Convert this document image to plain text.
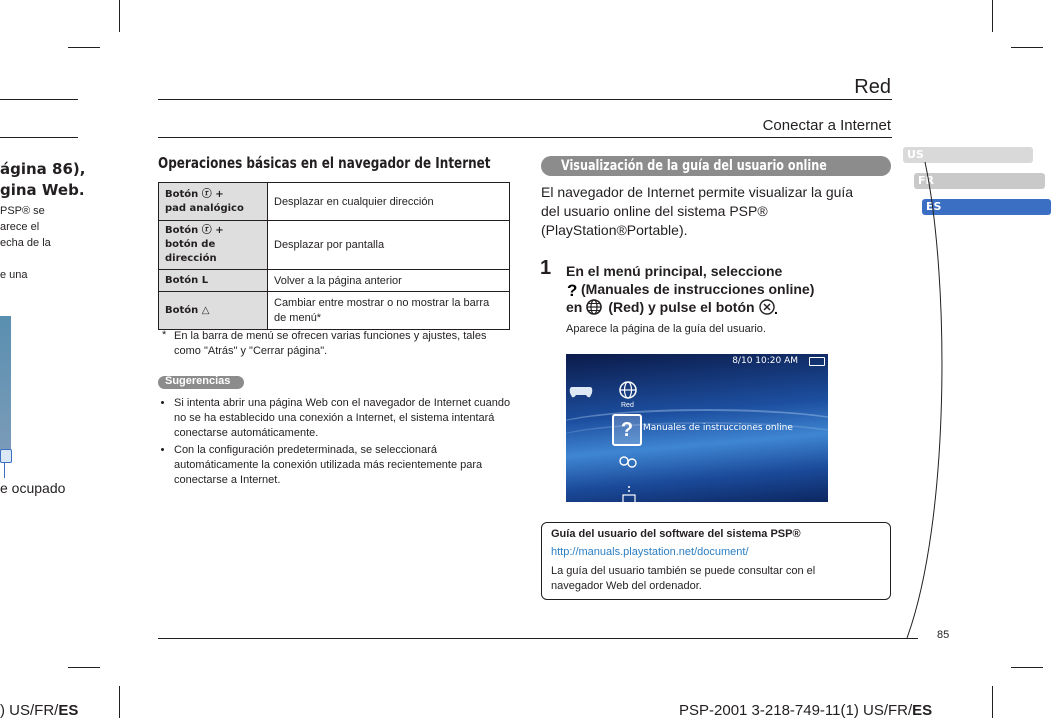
ágina 86),
gina Web.
PSP® se
arece el
echa de la
e una
e ocupado
Red
Conectar a Internet
US
FR
ES
Operaciones básicas en el navegador de Internet
Botón ⓡ +
pad analógico	Desplazar en cualquier dirección

Botón ⓡ +
botón de dirección	Desplazar por pantalla
Botón L	Volver a la página anterior
Botón △	Cambiar entre mostrar o no mostrar la barra de menú*
* En la barra de menú se ofrecen varias funciones y ajustes, tales como "Atrás" y "Cerrar página".
Sugerencias
• Si intenta abrir una página Web con el navegador de Internet cuando no se ha establecido una conexión a Internet, el sistema intentará conectarse automáticamente.
• Con la configuración predeterminada, se seleccionará automáticamente la conexión utilizada más recientemente para conectarse a Internet.
Visualización de la guía del usuario online
El navegador de Internet permite visualizar la guía
del usuario online del sistema PSP®
(PlayStation®Portable).
1 En el menú principal, seleccione
? (Manuales de instrucciones online)
en (Red) y pulse el botón .
Aparece la página de la guía del usuario.
8/10 10:20 AM
Red
?	Manuales de instrucciones online
Guía del usuario del software del sistema PSP®
http://manuals.playstation.net/document/
La guía del usuario también se puede consultar con el
navegador Web del ordenador.
85
) US/FR/ES	PSP-2001 3-218-749-11(1) US/FR/ES
